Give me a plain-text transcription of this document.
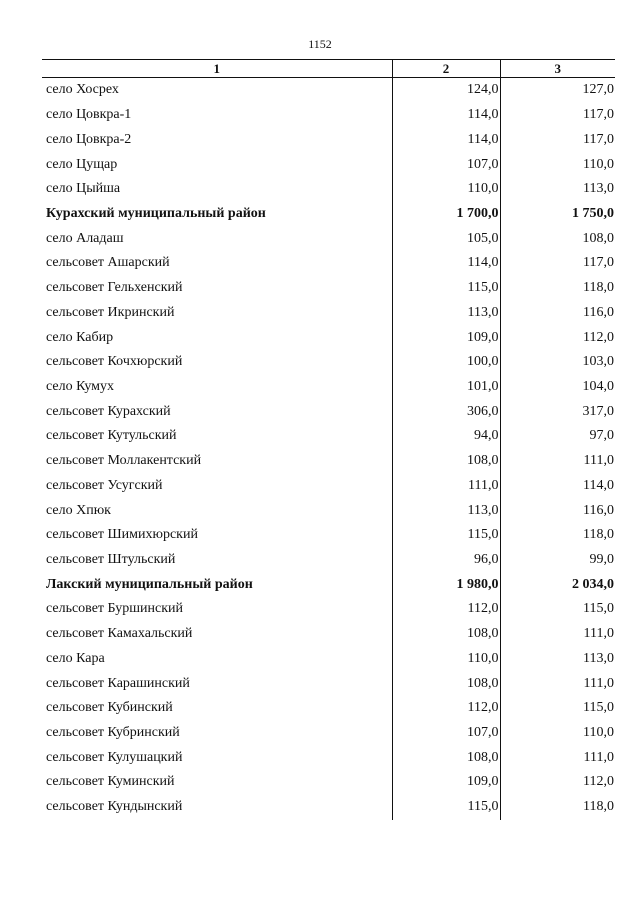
1152
1	2	3
село Хосрех	124,0	127,0
село Цовкра-1	114,0	117,0
село Цовкра-2	114,0	117,0
село Цущар	107,0	110,0
село Цыйша	110,0	113,0
Курахский муниципальный район	1 700,0	1 750,0
село Аладаш	105,0	108,0
сельсовет Ашарский	114,0	117,0
сельсовет Гельхенский	115,0	118,0
сельсовет Икринский	113,0	116,0
село Кабир	109,0	112,0
сельсовет Кочхюрский	100,0	103,0
село Кумух	101,0	104,0
сельсовет Курахский	306,0	317,0
сельсовет Кутульский	94,0	97,0
сельсовет Моллакентский	108,0	111,0
сельсовет Усугский	111,0	114,0
село Хпюк	113,0	116,0
сельсовет Шимихюрский	115,0	118,0
сельсовет Штульский	96,0	99,0
Лакский муниципальный район	1 980,0	2 034,0
сельсовет Буршинский	112,0	115,0
сельсовет Камахальский	108,0	111,0
село Кара	110,0	113,0
сельсовет Карашинский	108,0	111,0
сельсовет Кубинский	112,0	115,0
сельсовет Кубринский	107,0	110,0
сельсовет Кулушацкий	108,0	111,0
сельсовет Куминский	109,0	112,0
сельсовет Кундынский	115,0	118,0
